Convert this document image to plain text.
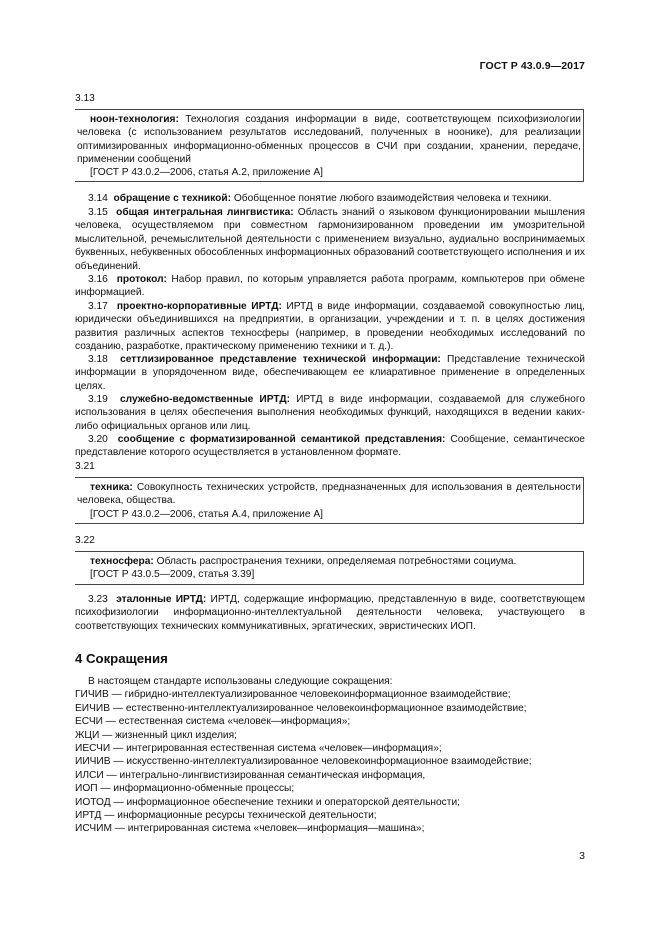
ГОСТ Р 43.0.9—2017
3.13

ноон-технология: Технология создания информации в виде, соответствующем психофизиологии человека (с использованием результатов исследований, полученных в ноонике), для реализации оптимизированных информационно-обменных процессов в СЧИ при создании, хранении, передаче, применении сообщений

[ГОСТ Р 43.0.2—2006, статья А.2, приложение А]

3.14 обращение с техникой: Обобщенное понятие любого взаимодействия человека и техники.

3.15 общая интегральная лингвистика: Область знаний о языковом функционировании мышления человека, осуществляемом при совместном гармонизированном проведении им умозрительной мыслительной, речемыслительной деятельности с применением визуально, аудиально воспринимаемых буквенных, небуквенных обособленных информационных образований соответствующего исполнения и их объединений.

3.16 протокол: Набор правил, по которым управляется работа программ, компьютеров при обмене информацией.

3.17 проектно-корпоративные ИРТД: ИРТД в виде информации, создаваемой совокупностью лиц, юридически объединившихся на предприятии, в организации, учреждении и т. п. в целях достижения развития различных аспектов техносферы (например, в проведении необходимых исследований по созданию, разработке, практическому применению техники и т. д.).

3.18 сеттлизированное представление технической информации: Представление технической информации в упорядоченном виде, обеспечивающем ее клиаративное применение в определенных целях.

3.19 служебно-ведомственные ИРТД: ИРТД в виде информации, создаваемой для служебного использования в целях обеспечения выполнения необходимых функций, находящихся в ведении каких-либо официальных органов или лиц.

3.20 сообщение с форматизированной семантикой представления: Сообщение, семантическое представление которого осуществляется в установленном формате.

3.21

техника: Совокупность технических устройств, предназначенных для использования в деятельности человека, общества.

[ГОСТ Р 43.0.2—2006, статья А.4, приложение А]

3.22

техносфера: Область распространения техники, определяемая потребностями социума.

[ГОСТ Р 43.0.5—2009, статья 3.39]

3.23 эталонные ИРТД: ИРТД, содержащие информацию, представленную в виде, соответствующем психофизиологии информационно-интеллектуальной деятельности человека, участвующего в соответствующих технических коммуникативных, эргатических, эвристических ИОП.

4 Сокращения
В настоящем стандарте использованы следующие сокращения:
ГИЧИВ — гибридно-интеллектуализированное человекоинформационное взаимодействие;
ЕИЧИВ — естественно-интеллектуализированное человекоинформационное взаимодействие;
ЕСЧИ — естественная система «человек—информация»;
ЖЦИ — жизненный цикл изделия;
ИЕСЧИ — интегрированная естественная система «человек—информация»;
ИИЧИВ — искусственно-интеллектуализированное человекоинформационное взаимодействие;
ИЛСИ — интегрально-лингвистизированная семантическая информация,
ИОП — информационно-обменные процессы;
ИОТОД — информационное обеспечение техники и операторской деятельности;
ИРТД — информационные ресурсы технической деятельности;
ИСЧИМ — интегрированная система «человек—информация—машина»;
3
